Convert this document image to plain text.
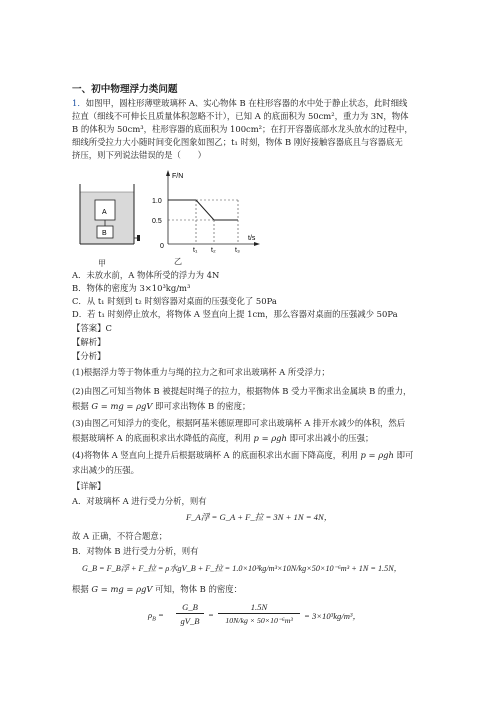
一、初中物理浮力类问题
1．如图甲，圆柱形薄壁玻璃杯 A、实心物体 B 在柱形容器的水中处于静止状态，此时细线
拉直（细线不可伸长且质量体积忽略不计），已知 A 的底面积为 50cm²，重力为 3N，物体
B 的体积为 50cm³，柱形容器的底面积为 100cm²；在打开容器底部水龙头放水的过程中，
细线所受拉力大小随时间变化图象如图乙；t₁ 时刻，物体 B 刚好接触容器底且与容器底无
挤压，则下列说法错误的是（　　）
A
B
甲
F/N
t/s
1.0
0.5
0
t₁ t₂	t₃
乙
A．未放水前，A 物体所受的浮力为 4N
B．物体的密度为 3×10³kg/m³
C．从 t₁ 时刻到 t₂ 时刻容器对桌面的压强变化了 50Pa
D．若 t₁ 时刻停止放水，将物体 A 竖直向上提 1cm，那么容器对桌面的压强减少 50Pa
【答案】C
【解析】
【分析】
(1)根据浮力等于物体重力与绳的拉力之和可求出玻璃杯 A 所受浮力；
(2)由图乙可知当物体 B 被提起时绳子的拉力，根据物体 B 受力平衡求出金属块 B 的重力，
根据 G = mg = ρgV 即可求出物体 B 的密度；
(3)由图乙可知浮力的变化，根据阿基米德原理即可求出玻璃杯 A 排开水减少的体积，然后
根据玻璃杯 A 的底面积求出水降低的高度，利用 p = ρgh 即可求出减小的压强；
(4)将物体 A 竖直向上提升后根据玻璃杯 A 的底面积求出水面下降高度，利用 p = ρgh 即可
求出减少的压强。
【详解】
A．对玻璃杯 A 进行受力分析，则有
F_A浮 = G_A + F_拉 = 3N + 1N = 4N，
故 A 正确，不符合题意；
B．对物体 B 进行受力分析，则有
G_B = F_B浮 + F_拉 = ρ水gV_B + F_拉 = 1.0×10³kg/m³×10N/kg×50×10⁻⁶m³ + 1N = 1.5N，
根据 G = mg = ρgV 可知，物体 B 的密度：
$\rho_B$ =
G_B
gV_B
=
1.5N
10N/kg × 50×10⁻⁶m³	= 3×10³kg/m³，
